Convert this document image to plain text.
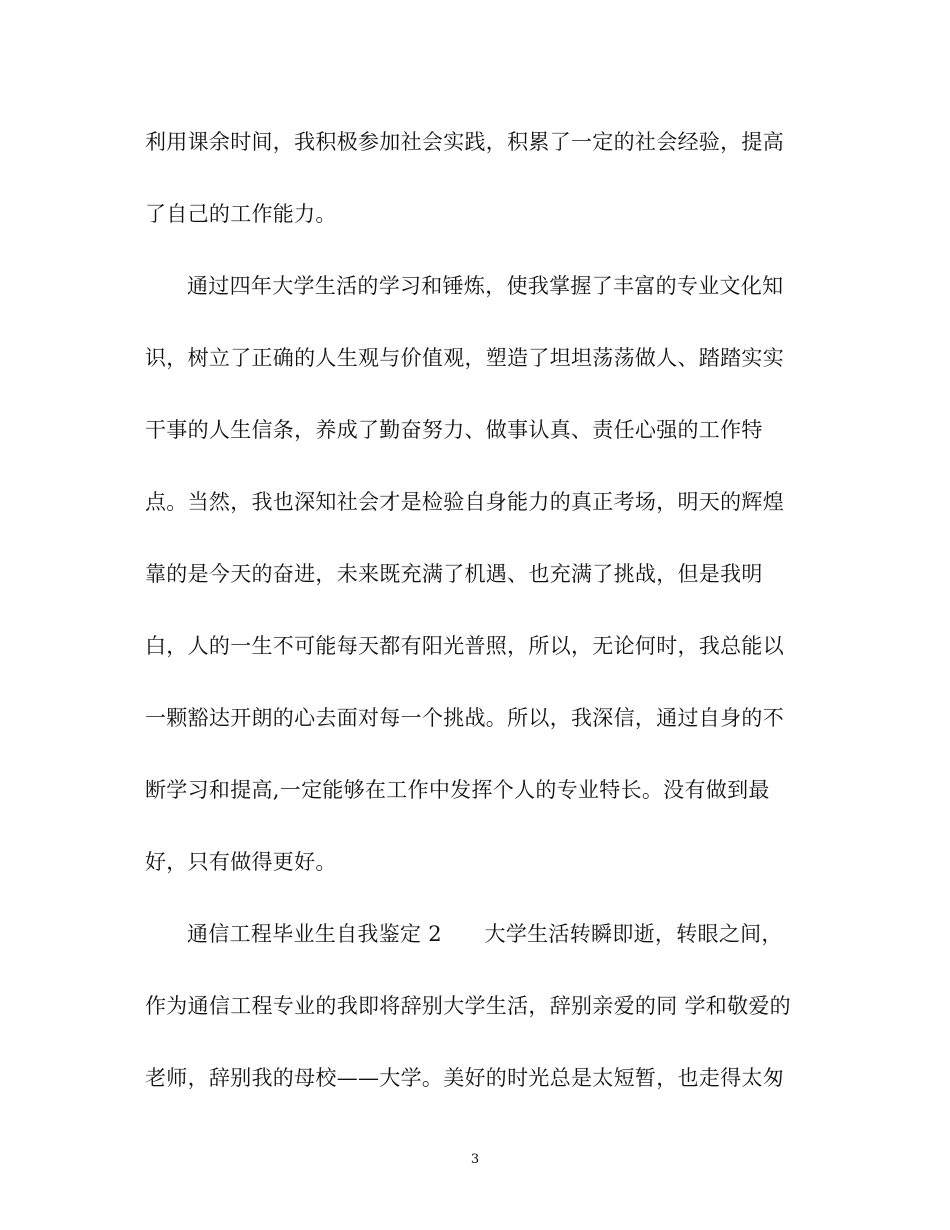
利用课余时间，我积极参加社会实践，积累了一定的社会经验，提高
了自己的工作能力。
通过四年大学生活的学习和锤炼，使我掌握了丰富的专业文化知
识，树立了正确的人生观与价值观，塑造了坦坦荡荡做人、踏踏实实
干事的人生信条，养成了勤奋努力、做事认真、责任心强的工作特
点。当然，我也深知社会才是检验自身能力的真正考场，明天的辉煌
靠的是今天的奋进，未来既充满了机遇、也充满了挑战，但是我明
白，人的一生不可能每天都有阳光普照，所以，无论何时，我总能以
一颗豁达开朗的心去面对每一个挑战。所以，我深信，通过自身的不
断学习和提高,一定能够在工作中发挥个人的专业特长。没有做到最
好，只有做得更好。
通信工程毕业生自我鉴定 2　　大学生活转瞬即逝，转眼之间，
作为通信工程专业的我即将辞别大学生活，辞别亲爱的同 学和敬爱的
老师，辞别我的母校——大学。美好的时光总是太短暂，也走得太匆
3
